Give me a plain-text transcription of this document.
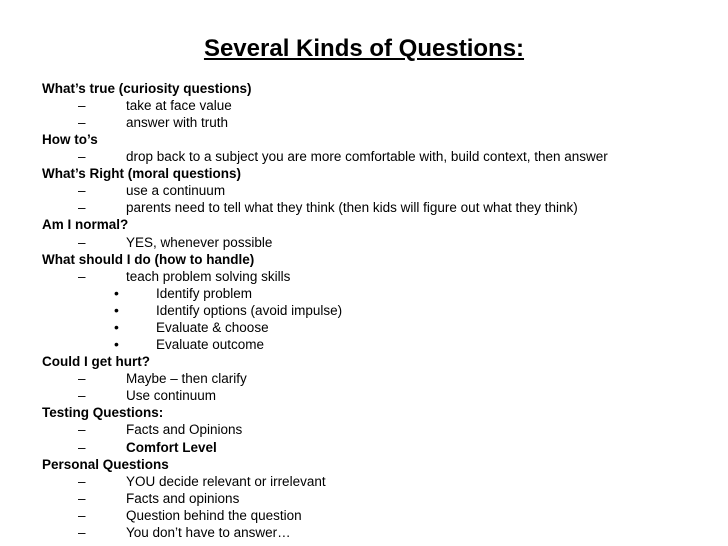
Several Kinds of Questions:
What’s true (curiosity questions)
–	take at face value
–	answer with truth
How to’s
–	drop back to a subject you are more comfortable with, build context, then answer
What’s Right (moral questions)
–	use a continuum
–	parents need to tell what they think (then kids will figure out what they think)
Am I normal?
–	YES, whenever possible
What should I do (how to handle)
–	teach problem solving skills
•	Identify problem
•	Identify options (avoid impulse)
•	Evaluate & choose
•	Evaluate outcome
Could I get hurt?
–	Maybe – then clarify
–	Use continuum
Testing Questions:
–	Facts and Opinions
–	Comfort Level
Personal Questions
–	YOU decide relevant or irrelevant
–	Facts and opinions
–	Question behind the question
–	You don’t have to answer…
